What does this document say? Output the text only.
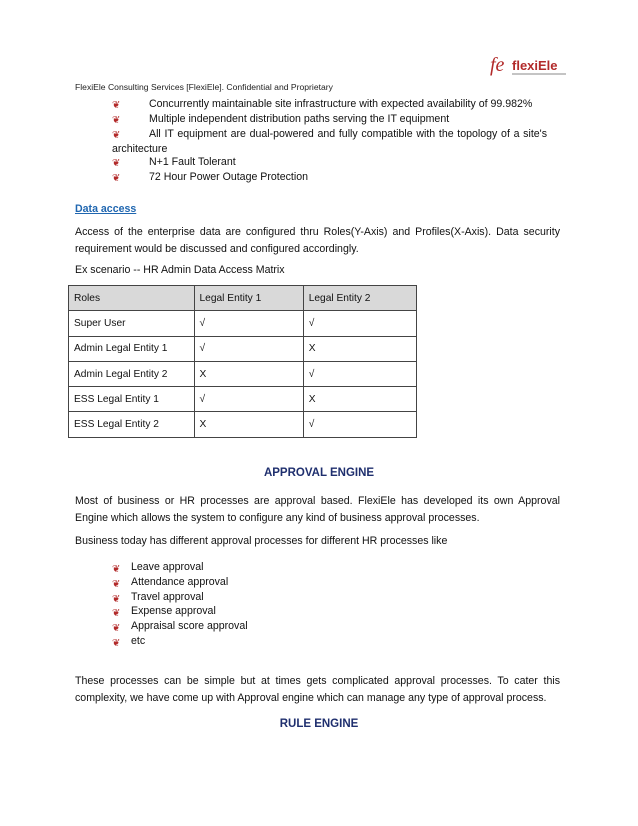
fe flexiEle
FlexiEle Consulting Services [FlexiEle]. Confidential and Proprietary
❦	Concurrently maintainable site infrastructure with expected availability of 99.982%
❦	Multiple independent distribution paths serving the IT equipment
❦	All IT equipment are dual-powered and fully compatible with the topology of a site's architecture
❦	N+1 Fault Tolerant
❦	72 Hour Power Outage Protection
Data access
Access of the enterprise data are configured thru Roles(Y-Axis) and Profiles(X-Axis). Data security requirement would be discussed and configured accordingly.
Ex scenario -- HR Admin Data Access Matrix
Roles	Legal Entity 1	Legal Entity 2
Super User	√	√
Admin Legal Entity 1	√	X
Admin Legal Entity 2	X	√
ESS Legal Entity 1	√	X
ESS Legal Entity 2	X	√
APPROVAL ENGINE
Most of business or HR processes are approval based. FlexiEle has developed its own Approval Engine which allows the system to configure any kind of business approval processes.
Business today has different approval processes for different HR processes like
❦ Leave approval
❦ Attendance approval
❦ Travel approval
❦ Expense approval
❦ Appraisal score approval
❦ etc
These processes can be simple but at times gets complicated approval processes. To cater this complexity, we have come up with Approval engine which can manage any type of approval process.
RULE ENGINE
